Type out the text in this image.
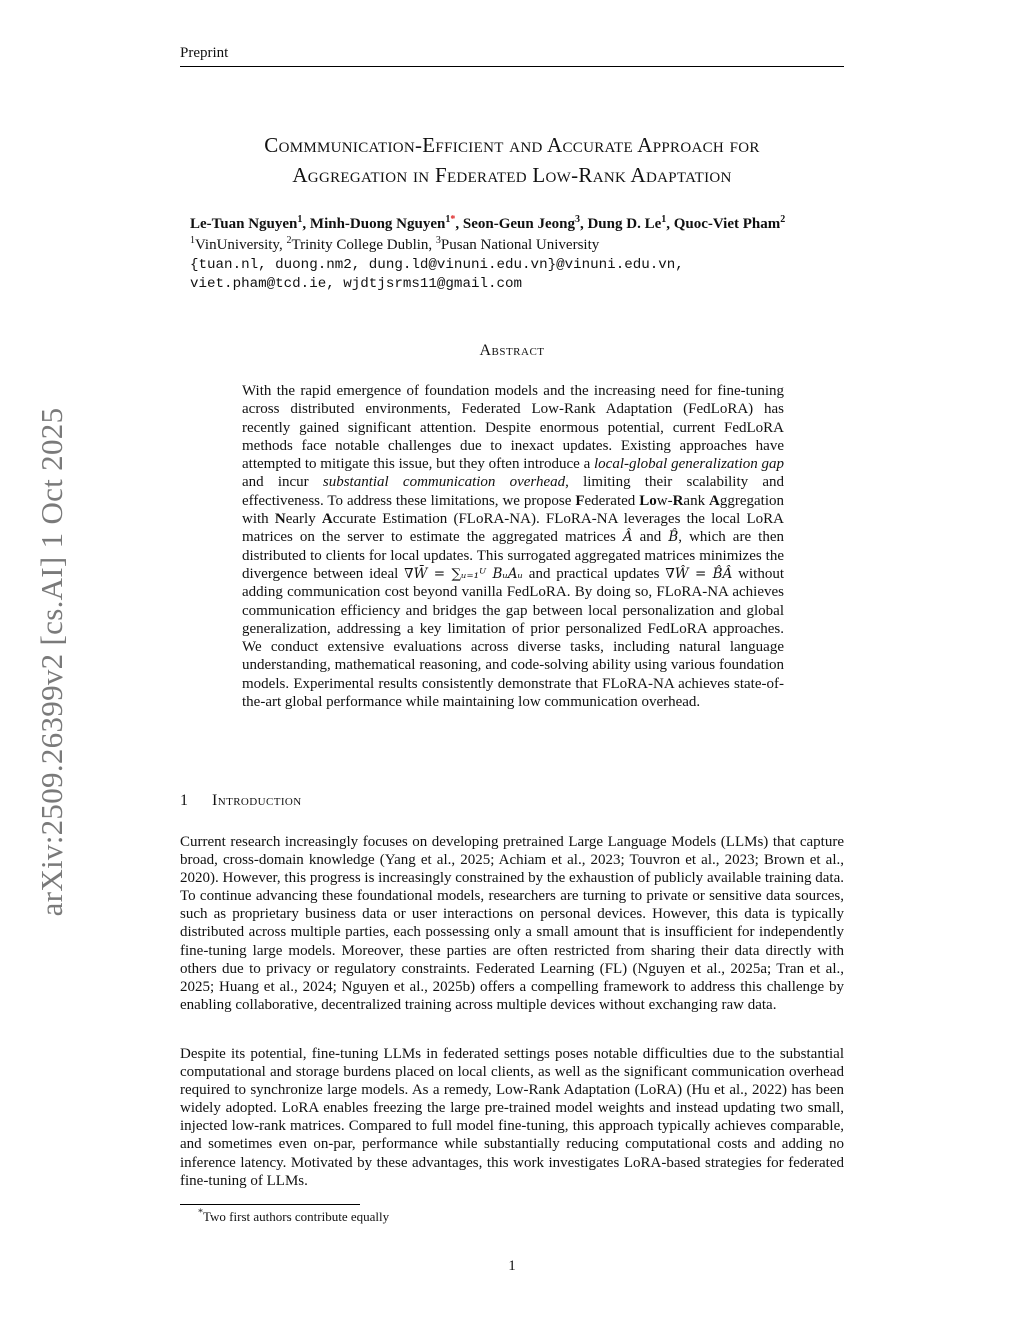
Preprint
arXiv:2509.26399v2 [cs.AI] 1 Oct 2025
Commmunication-Efficient and Accurate Approach for
Aggregation in Federated Low-Rank Adaptation
Le-Tuan Nguyen$^1$, Minh-Duong Nguyen$^{1*}$, Seon-Geun Jeong$^3$, Dung D. Le$^1$, Quoc-Viet Pham$^2$
$^1$VinUniversity, $^2$Trinity College Dublin, $^3$Pusan National University
{tuan.nl, duong.nm2, dung.ld@vinuni.edu.vn}@vinuni.edu.vn,
viet.pham@tcd.ie, wjdtjsrms11@gmail.com
Abstract
With the rapid emergence of foundation models and the increasing need for fine-tuning across distributed environments, Federated Low-Rank Adaptation (FedLoRA) has recently gained significant attention. Despite enormous potential, current FedLoRA methods face notable challenges due to inexact updates. Existing approaches have attempted to mitigate this issue, but they often introduce a local-global generalization gap and incur substantial communication overhead, limiting their scalability and effectiveness. To address these limitations, we propose Federated Low-Rank Aggregation with Nearly Accurate Estimation (FLoRA-NA). FLoRA-NA leverages the local LoRA matrices on the server to estimate the aggregated matrices Â and B̂, which are then distributed to clients for local updates. This surrogated aggregated matrices minimizes the divergence between ideal ∇W̄ = ∑ᵤ₌₁ᵁ BᵤAᵤ and practical updates ∇Ŵ = B̂Â without adding communication cost beyond vanilla FedLoRA. By doing so, FLoRA-NA achieves communication efficiency and bridges the gap between local personalization and global generalization, addressing a key limitation of prior personalized FedLoRA approaches. We conduct extensive evaluations across diverse tasks, including natural language understanding, mathematical reasoning, and code-solving ability using various foundation models. Experimental results consistently demonstrate that FLoRA-NA achieves state-of-the-art global performance while maintaining low communication overhead.
1 Introduction
Current research increasingly focuses on developing pretrained Large Language Models (LLMs) that capture broad, cross-domain knowledge (Yang et al., 2025; Achiam et al., 2023; Touvron et al., 2023; Brown et al., 2020). However, this progress is increasingly constrained by the exhaustion of publicly available training data. To continue advancing these foundational models, researchers are turning to private or sensitive data sources, such as proprietary business data or user interactions on personal devices. However, this data is typically distributed across multiple parties, each possessing only a small amount that is insufficient for independently fine-tuning large models. Moreover, these parties are often restricted from sharing their data directly with others due to privacy or regulatory constraints. Federated Learning (FL) (Nguyen et al., 2025a; Tran et al., 2025; Huang et al., 2024; Nguyen et al., 2025b) offers a compelling framework to address this challenge by enabling collaborative, decentralized training across multiple devices without exchanging raw data.
Despite its potential, fine-tuning LLMs in federated settings poses notable difficulties due to the substantial computational and storage burdens placed on local clients, as well as the significant communication overhead required to synchronize large models. As a remedy, Low-Rank Adaptation (LoRA) (Hu et al., 2022) has been widely adopted. LoRA enables freezing the large pre-trained model weights and instead updating two small, injected low-rank matrices. Compared to full model fine-tuning, this approach typically achieves comparable, and sometimes even on-par, performance while substantially reducing computational costs and adding no inference latency. Motivated by these advantages, this work investigates LoRA-based strategies for federated fine-tuning of LLMs.
*Two first authors contribute equally
1
